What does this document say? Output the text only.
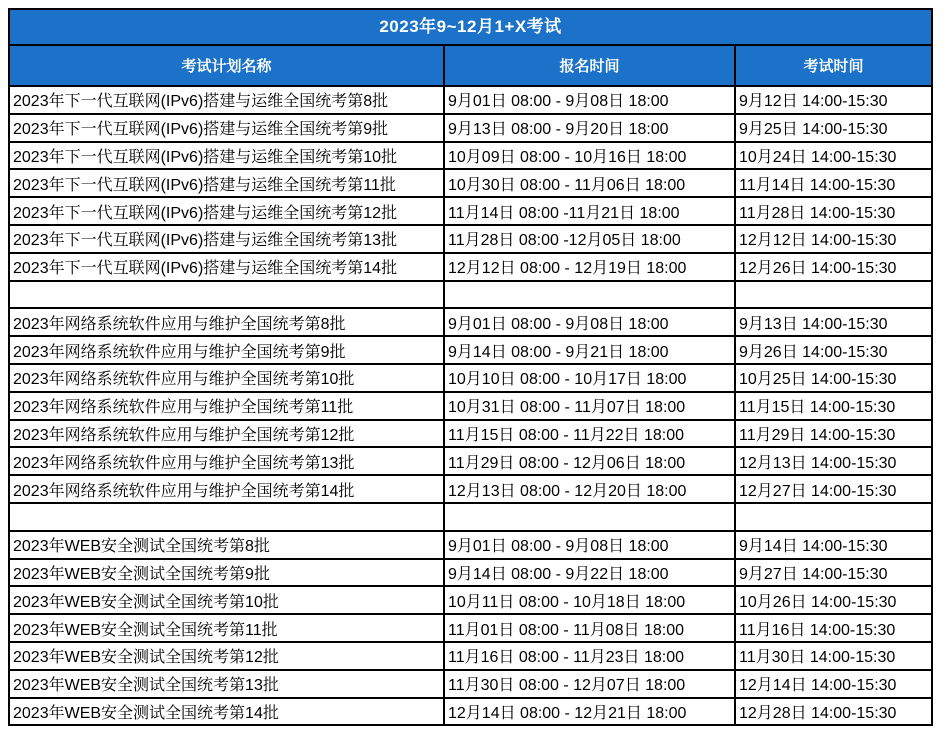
2023年9~12月1+X考试
考试计划名称	报名时间	考试时间
2023年下一代互联网(IPv6)搭建与运维全国统考第8批	9月01日 08:00 - 9月08日 18:00	9月12日 14:00-15:30
2023年下一代互联网(IPv6)搭建与运维全国统考第9批	9月13日 08:00 - 9月20日 18:00	9月25日 14:00-15:30
2023年下一代互联网(IPv6)搭建与运维全国统考第10批	10月09日 08:00 - 10月16日 18:00	10月24日 14:00-15:30
2023年下一代互联网(IPv6)搭建与运维全国统考第11批	10月30日 08:00 - 11月06日 18:00	11月14日 14:00-15:30
2023年下一代互联网(IPv6)搭建与运维全国统考第12批	11月14日 08:00 -11月21日 18:00	11月28日 14:00-15:30
2023年下一代互联网(IPv6)搭建与运维全国统考第13批	11月28日 08:00 -12月05日 18:00	12月12日 14:00-15:30
2023年下一代互联网(IPv6)搭建与运维全国统考第14批	12月12日 08:00 - 12月19日 18:00	12月26日 14:00-15:30
2023年网络系统软件应用与维护全国统考第8批	9月01日 08:00 - 9月08日 18:00	9月13日 14:00-15:30
2023年网络系统软件应用与维护全国统考第9批	9月14日 08:00 - 9月21日 18:00	9月26日 14:00-15:30
2023年网络系统软件应用与维护全国统考第10批	10月10日 08:00 - 10月17日 18:00	10月25日 14:00-15:30
2023年网络系统软件应用与维护全国统考第11批	10月31日 08:00 - 11月07日 18:00	11月15日 14:00-15:30
2023年网络系统软件应用与维护全国统考第12批	11月15日 08:00 - 11月22日 18:00	11月29日 14:00-15:30
2023年网络系统软件应用与维护全国统考第13批	11月29日 08:00 - 12月06日 18:00	12月13日 14:00-15:30
2023年网络系统软件应用与维护全国统考第14批	12月13日 08:00 - 12月20日 18:00	12月27日 14:00-15:30
2023年WEB安全测试全国统考第8批	9月01日 08:00 - 9月08日 18:00	9月14日 14:00-15:30
2023年WEB安全测试全国统考第9批	9月14日 08:00 - 9月22日 18:00	9月27日 14:00-15:30
2023年WEB安全测试全国统考第10批	10月11日 08:00 - 10月18日 18:00	10月26日 14:00-15:30
2023年WEB安全测试全国统考第11批	11月01日 08:00 - 11月08日 18:00	11月16日 14:00-15:30
2023年WEB安全测试全国统考第12批	11月16日 08:00 - 11月23日 18:00	11月30日 14:00-15:30
2023年WEB安全测试全国统考第13批	11月30日 08:00 - 12月07日 18:00	12月14日 14:00-15:30
2023年WEB安全测试全国统考第14批	12月14日 08:00 - 12月21日 18:00	12月28日 14:00-15:30
